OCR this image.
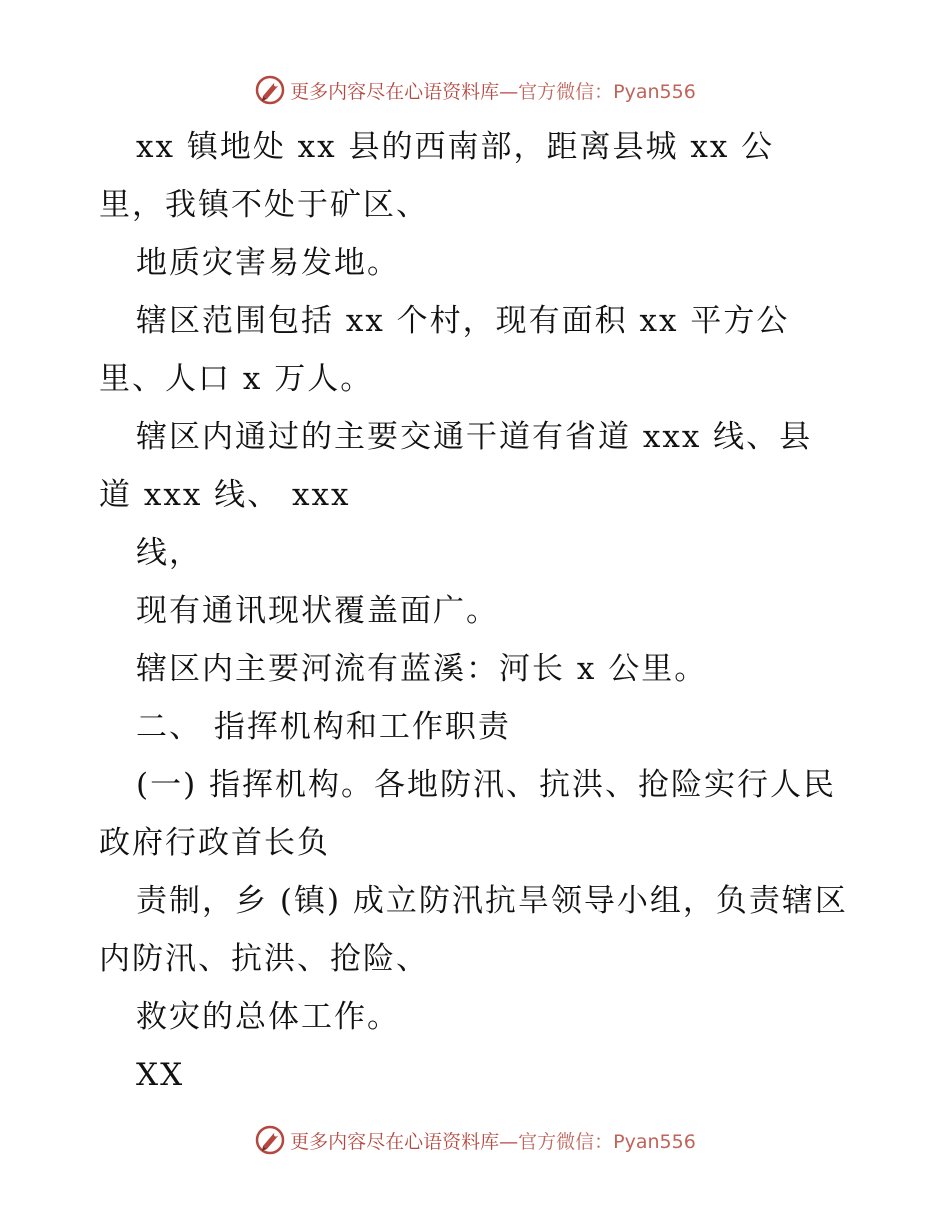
更多内容尽在心语资料库—官方微信：Pyan556
xx 镇地处 xx 县的西南部，距离县城 xx 公
里，我镇不处于矿区、
地质灾害易发地。
辖区范围包括 xx 个村，现有面积 xx 平方公
里、人口 x 万人。
辖区内通过的主要交通干道有省道 xxx 线、县
道 xxx 线、 xxx
线，
现有通讯现状覆盖面广。
辖区内主要河流有蓝溪：河长 x 公里。
二、 指挥机构和工作职责
(一) 指挥机构。各地防汛、抗洪、抢险实行人民
政府行政首长负
责制，乡 (镇) 成立防汛抗旱领导小组，负责辖区
内防汛、抗洪、抢险、
救灾的总体工作。
XX
更多内容尽在心语资料库—官方微信：Pyan556
